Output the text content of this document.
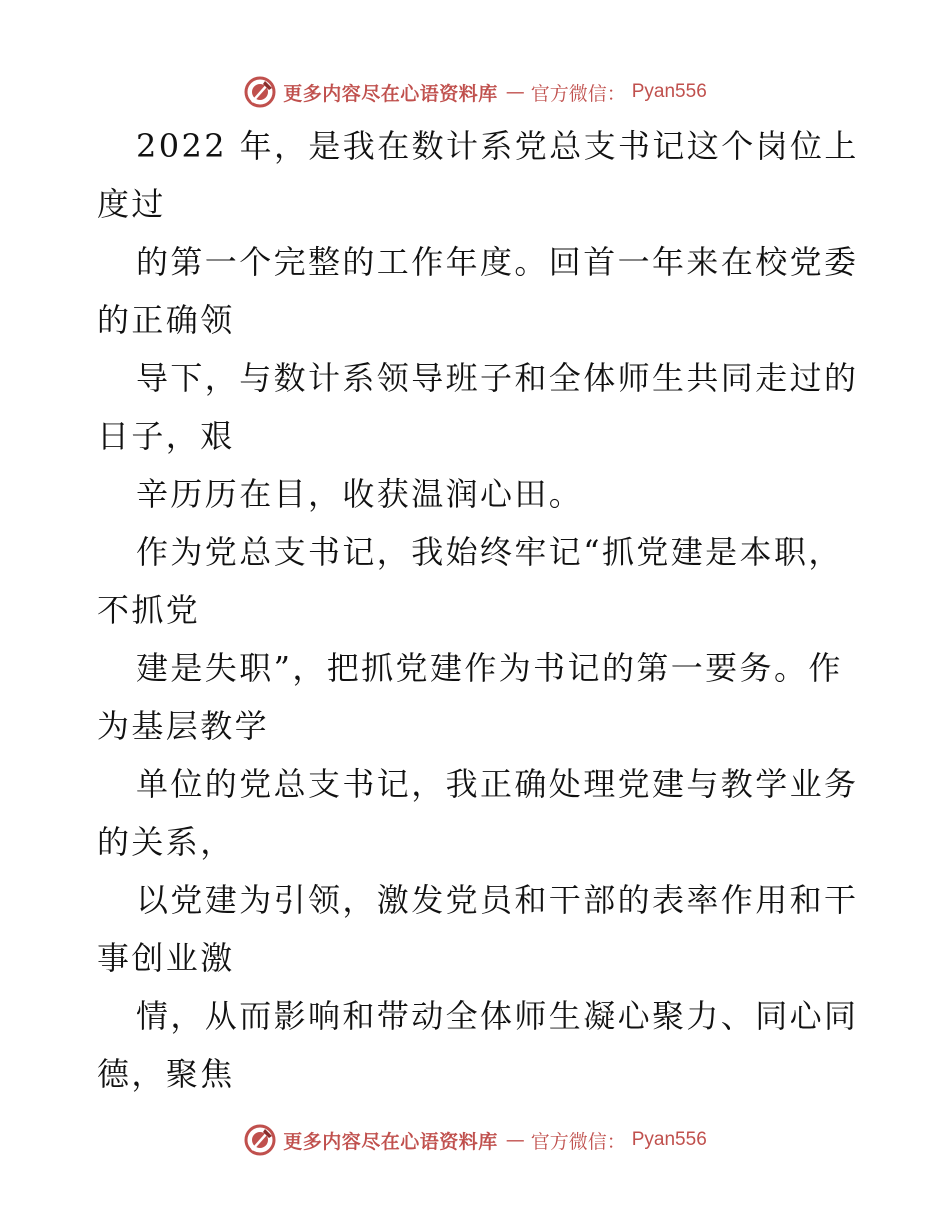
更多内容尽在心语资料库 — 官方微信： Pyan556
2022 年，是我在数计系党总支书记这个岗位上
度过
的第一个完整的工作年度。回首一年来在校党委
的正确领
导下，与数计系领导班子和全体师生共同走过的
日子，艰
辛历历在目，收获温润心田。
作为党总支书记，我始终牢记“抓党建是本职，
不抓党
建是失职”，把抓党建作为书记的第一要务。作
为基层教学
单位的党总支书记，我正确处理党建与教学业务
的关系，
以党建为引领，激发党员和干部的表率作用和干
事创业激
情，从而影响和带动全体师生凝心聚力、同心同
德，聚焦
更多内容尽在心语资料库 — 官方微信： Pyan556
